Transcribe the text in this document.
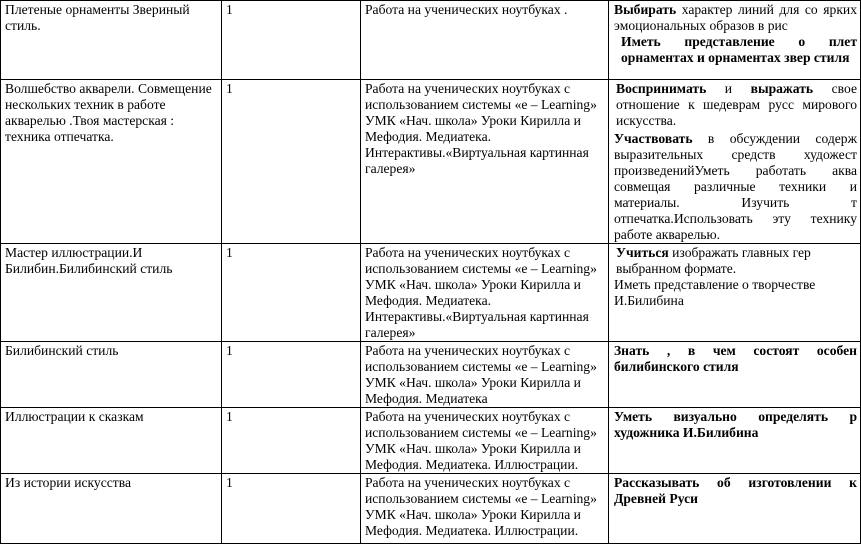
Плетеные орнаменты Звериный стиль.	1	Работа на ученических ноутбуках .	Выбирать характер линий для со ярких эмоциональных образов в рис
Иметь представление о плет орнаментах и орнаментах звер стиля

Волшебство акварели. Совмещение нескольких техник в работе акварелью .Твоя мастерская : техника отпечатка.	1	Работа на ученических ноутбуках с использованием системы «е – Learning» УМК «Нач. школа» Уроки Кирилла и Мефодия. Медиатека. Интерактивы.«Виртуальная картинная галерея»	Воспринимать и выражать свое отношение к шедеврам русс мирового искусства.
Участвовать в обсуждении содерж выразительных средств художест произведенийУметь работать аква совмещая различные техники и материалы. Изучить т отпечатка.Использовать эту технику работе акварелью.

Мастер иллюстрации.И Билибин.Билибинский стиль	1	Работа на ученических ноутбуках с использованием системы «е – Learning» УМК «Нач. школа» Уроки Кирилла и Мефодия. Медиатека. Интерактивы.«Виртуальная картинная галерея»	Учиться изображать главных гер выбранном формате.
Иметь представление о творчестве И.Билибина

Билибинский стиль	1	Работа на ученических ноутбуках с использованием системы «е – Learning» УМК «Нач. школа» Уроки Кирилла и Мефодия. Медиатека	Знать , в чем состоят особен билибинского стиля

Иллюстрации к сказкам	1	Работа на ученических ноутбуках с использованием системы «е – Learning» УМК «Нач. школа» Уроки Кирилла и Мефодия. Медиатека. Иллюстрации.	Уметь визуально определять р художника И.Билибина

Из истории искусства	1	Работа на ученических ноутбуках с использованием системы «е – Learning» УМК «Нач. школа» Уроки Кирилла и Мефодия. Медиатека. Иллюстрации.	Рассказывать об изготовлении к Древней Руси
